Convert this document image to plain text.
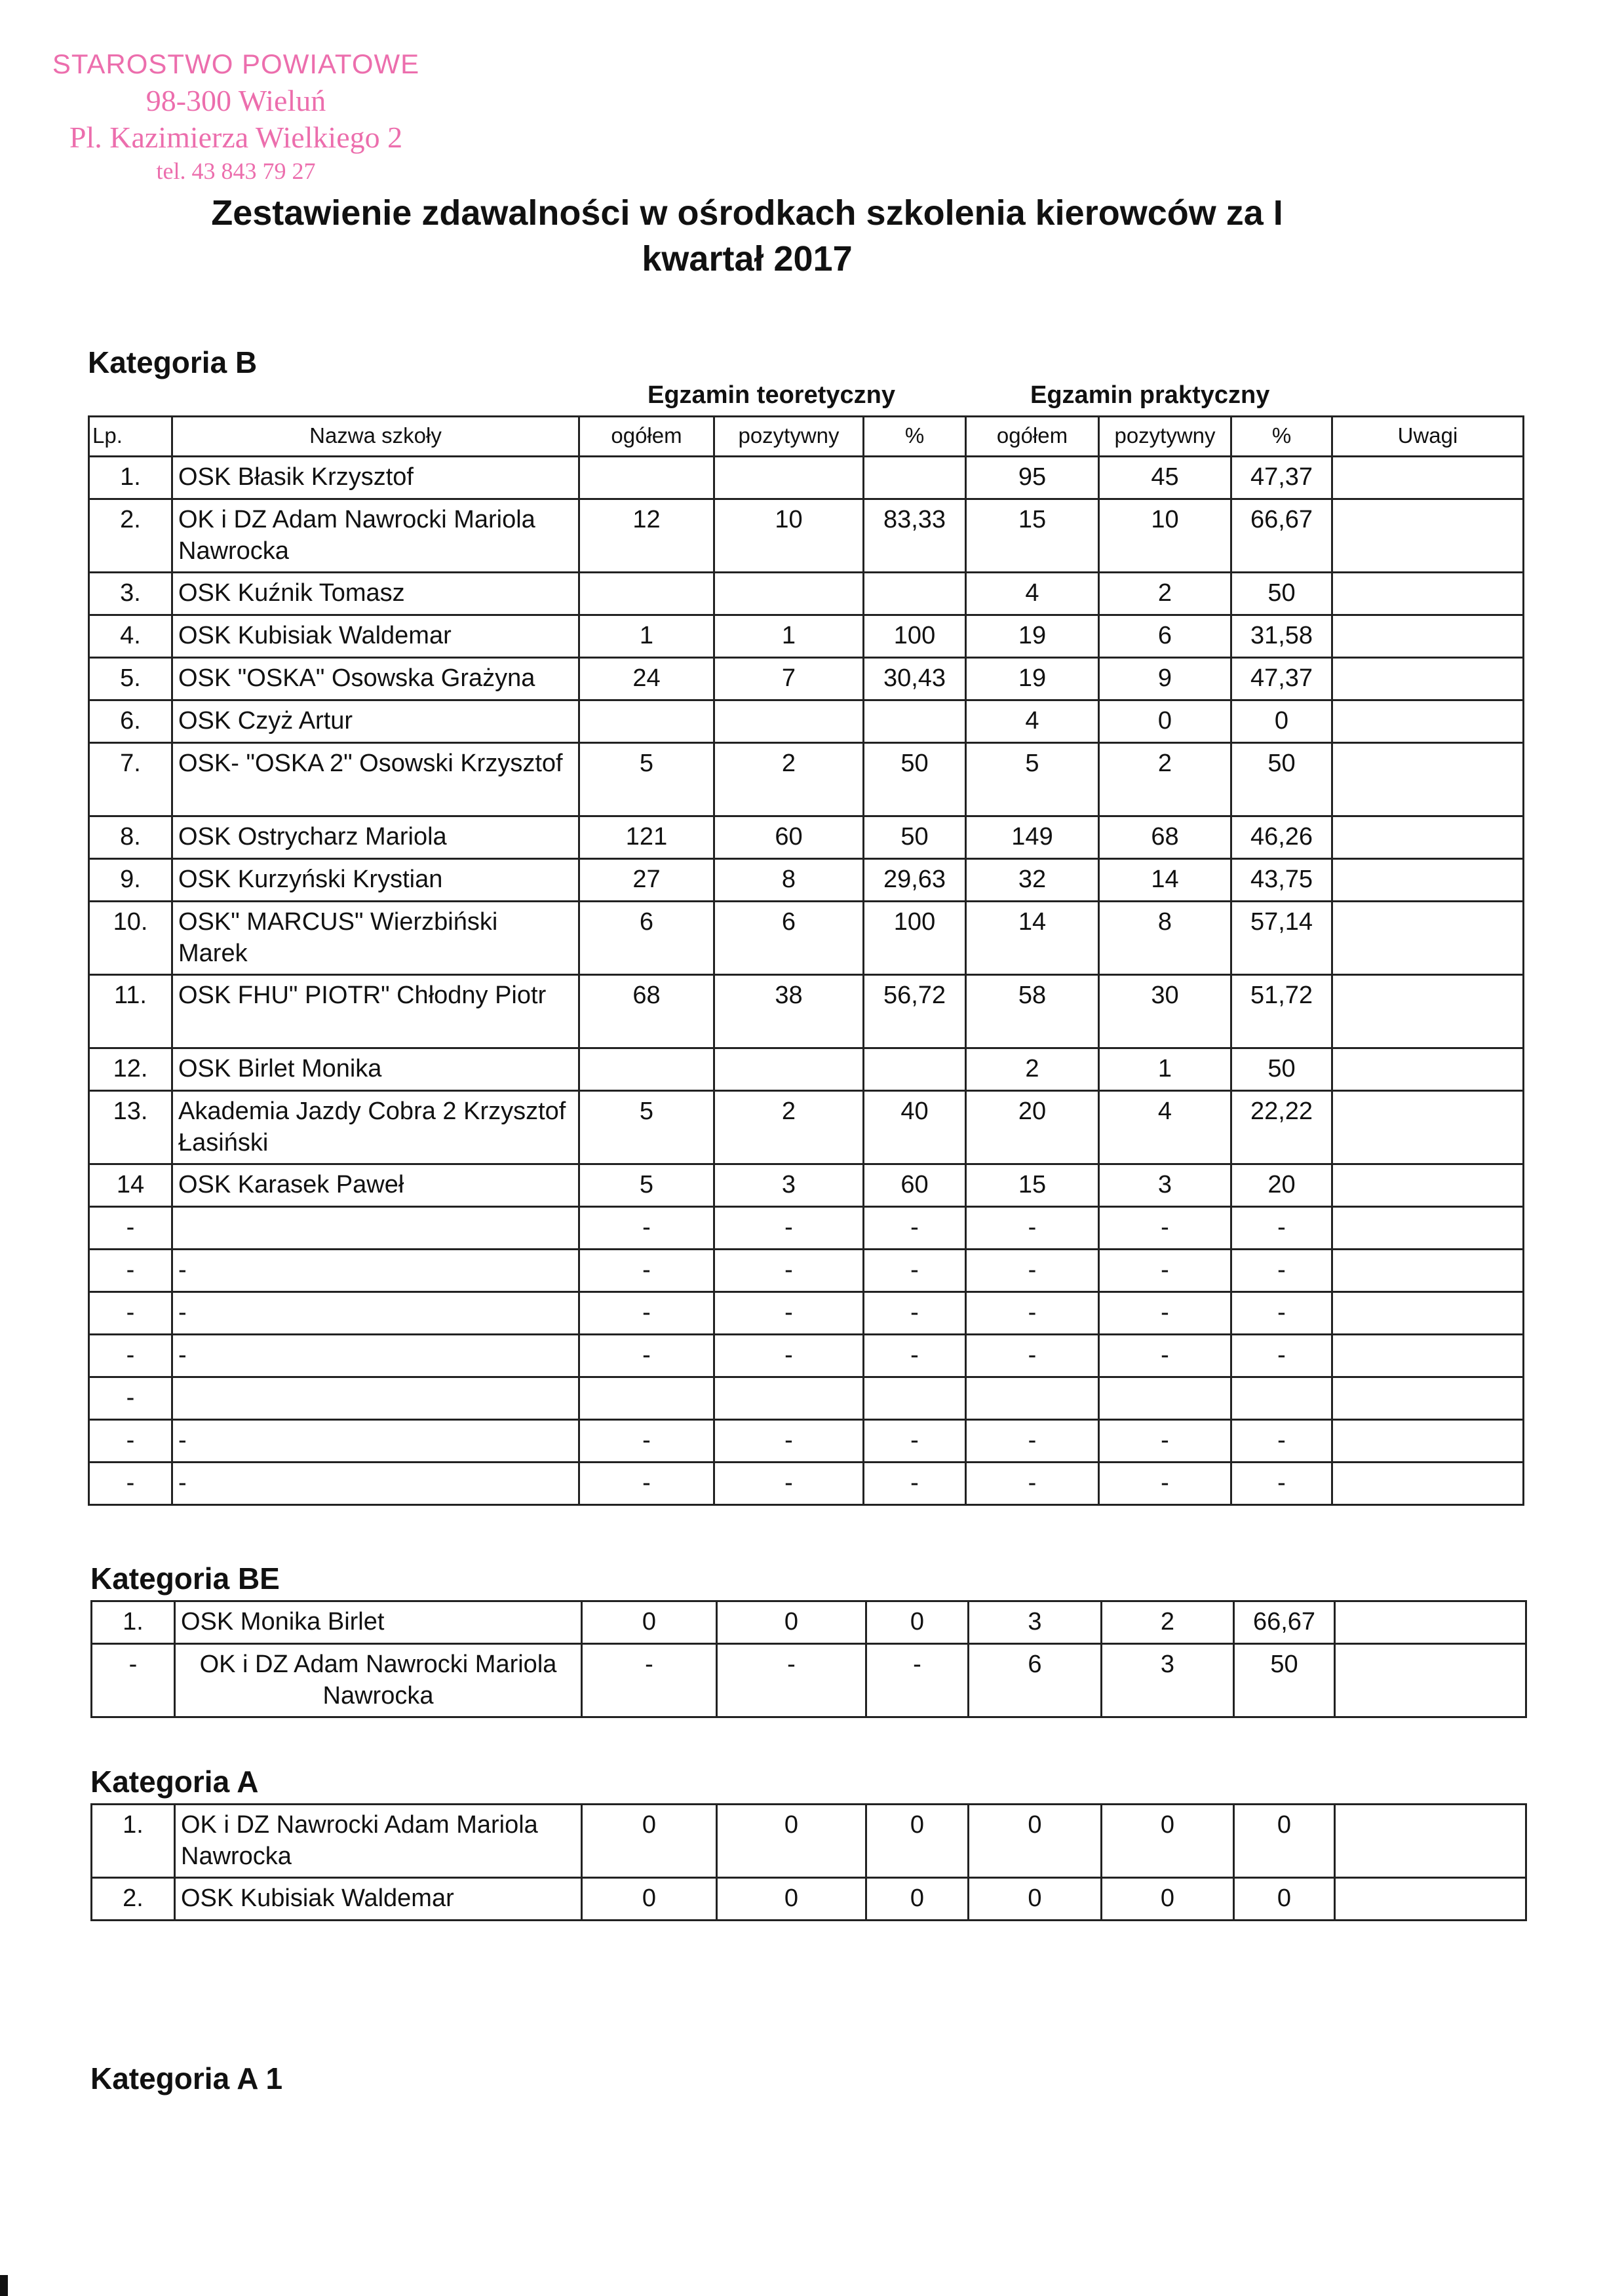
STAROSTWO POWIATOWE
98-300 Wieluń
Pl. Kazimierza Wielkiego 2
tel. 43 843 79 27
Zestawienie zdawalności w ośrodkach szkolenia kierowców za I
kwartał 2017
Kategoria B
Egzamin teoretyczny	Egzamin praktyczny
Lp.	Nazwa szkoły	ogółem	pozytywny	%	ogółem	pozytywny	%	Uwagi
1.	OSK Błasik Krzysztof				95	45	47,37	
2.	OK i DZ Adam Nawrocki Mariola Nawrocka	12	10	83,33	15	10	66,67	
3.	OSK Kuźnik Tomasz				4	2	50	
4.	OSK Kubisiak Waldemar	1	1	100	19	6	31,58	
5.	OSK "OSKA" Osowska Grażyna	24	7	30,43	19	9	47,37	
6.	OSK Czyż Artur				4	0	0	
7.	OSK- "OSKA 2" Osowski Krzysztof	5	2	50	5	2	50	
8.	OSK Ostrycharz Mariola	121	60	50	149	68	46,26	
9.	OSK Kurzyński Krystian	27	8	29,63	32	14	43,75	
10.	OSK" MARCUS" Wierzbiński Marek	6	6	100	14	8	57,14	
11.	OSK FHU" PIOTR" Chłodny Piotr	68	38	56,72	58	30	51,72	
12.	OSK Birlet Monika				2	1	50	
13.	Akademia Jazdy Cobra 2 Krzysztof Łasiński	5	2	40	20	4	22,22	
14	OSK Karasek Paweł	5	3	60	15	3	20	
-		-	-	-	-	-	-	
-	-	-	-	-	-	-	-	
-	-	-	-	-	-	-	-	
-	-	-	-	-	-	-	-	
-								
-	-	-	-	-	-	-	-	
-	-	-	-	-	-	-	-	
Kategoria BE
1.	OSK Monika Birlet	0	0	0	3	2	66,67	
-	OK i DZ Adam Nawrocki Mariola Nawrocka	-	-	-	6	3	50	
Kategoria A
1.	OK i DZ Nawrocki Adam Mariola Nawrocka	0	0	0	0	0	0	
2.	OSK Kubisiak Waldemar	0	0	0	0	0	0	
Kategoria A 1
